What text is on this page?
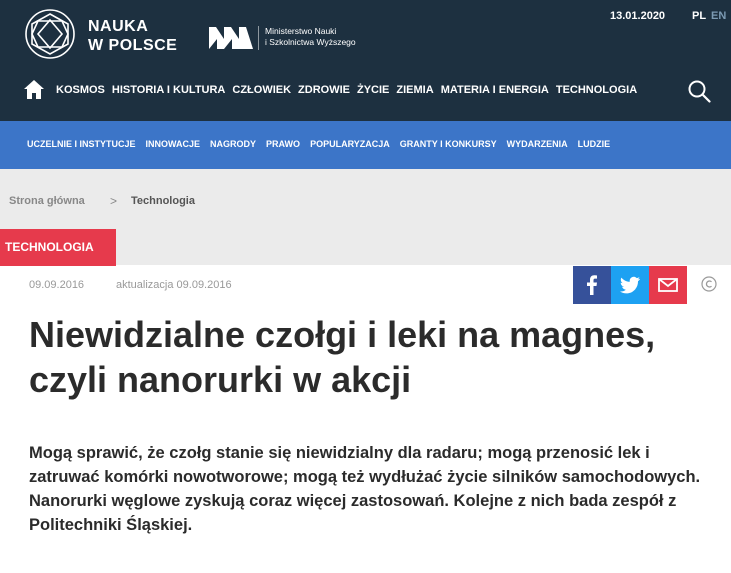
NAUKA
W POLSCE
Ministerstwo Nauki
i Szkolnictwa Wyższego
13.01.2020 PL EN
KOSMOS HISTORIA I KULTURA CZŁOWIEK ZDROWIE ŻYCIE ZIEMIA MATERIA I ENERGIA TECHNOLOGIA
UCZELNIE I INSTYTUCJE INNOWACJE NAGRODY PRAWO POPULARYZACJA GRANTY I KONKURSY WYDARZENIA LUDZIE
Strona główna > Technologia
TECHNOLOGIA
09.09.2016	aktualizacja 09.09.2016
Niewidzialne czołgi i leki na magnes, czyli nanorurki w akcji

Mogą sprawić, że czołg stanie się niewidzialny dla radaru; mogą przenosić lek i zatruwać komórki nowotworowe; mogą też wydłużać życie silników samochodowych. Nanorurki węglowe zyskują coraz więcej zastosowań. Kolejne z nich bada zespół z Politechniki Śląskiej.
